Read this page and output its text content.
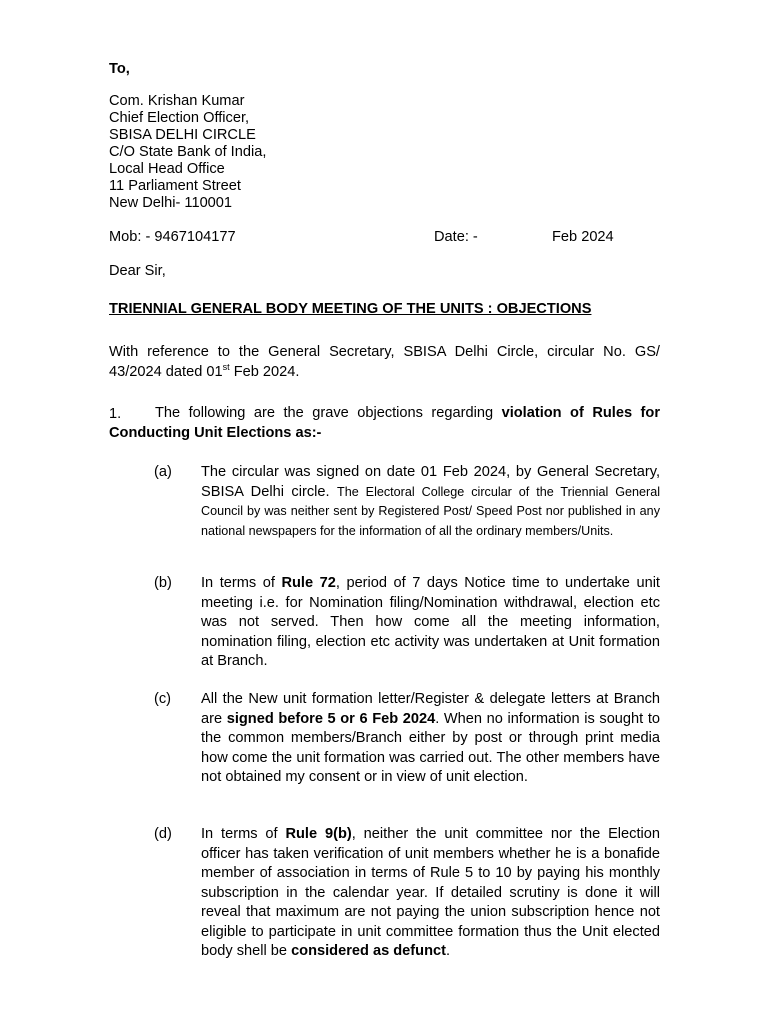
To,
Com. Krishan Kumar
Chief Election Officer,
SBISA DELHI CIRCLE
C/O State Bank of India,
Local Head Office
11 Parliament Street
New Delhi- 110001
Mob: - 9467104177	Date: -	Feb 2024
Dear Sir,
TRIENNIAL GENERAL BODY MEETING OF THE UNITS : OBJECTIONS
With reference to the General Secretary, SBISA Delhi Circle, circular No. GS/ 43/2024 dated 01st Feb 2024.
1.	The following are the grave objections regarding violation of Rules for Conducting Unit Elections as:-
(a) The circular was signed on date 01 Feb 2024, by General Secretary, SBISA Delhi circle. The Electoral College circular of the Triennial General Council by was neither sent by Registered Post/ Speed Post nor published in any national newspapers for the information of all the ordinary members/Units.
(b) In terms of Rule 72, period of 7 days Notice time to undertake unit meeting i.e. for Nomination filing/Nomination withdrawal, election etc was not served. Then how come all the meeting information, nomination filing, election etc activity was undertaken at Unit formation at Branch.
(c) All the New unit formation letter/Register & delegate letters at Branch are signed before 5 or 6 Feb 2024. When no information is sought to the common members/Branch either by post or through print media how come the unit formation was carried out. The other members have not obtained my consent or in view of unit election.
(d) In terms of Rule 9(b), neither the unit committee nor the Election officer has taken verification of unit members whether he is a bonafide member of association in terms of Rule 5 to 10 by paying his monthly subscription in the calendar year. If detailed scrutiny is done it will reveal that maximum are not paying the union subscription hence not eligible to participate in unit committee formation thus the Unit elected body shell be considered as defunct.
